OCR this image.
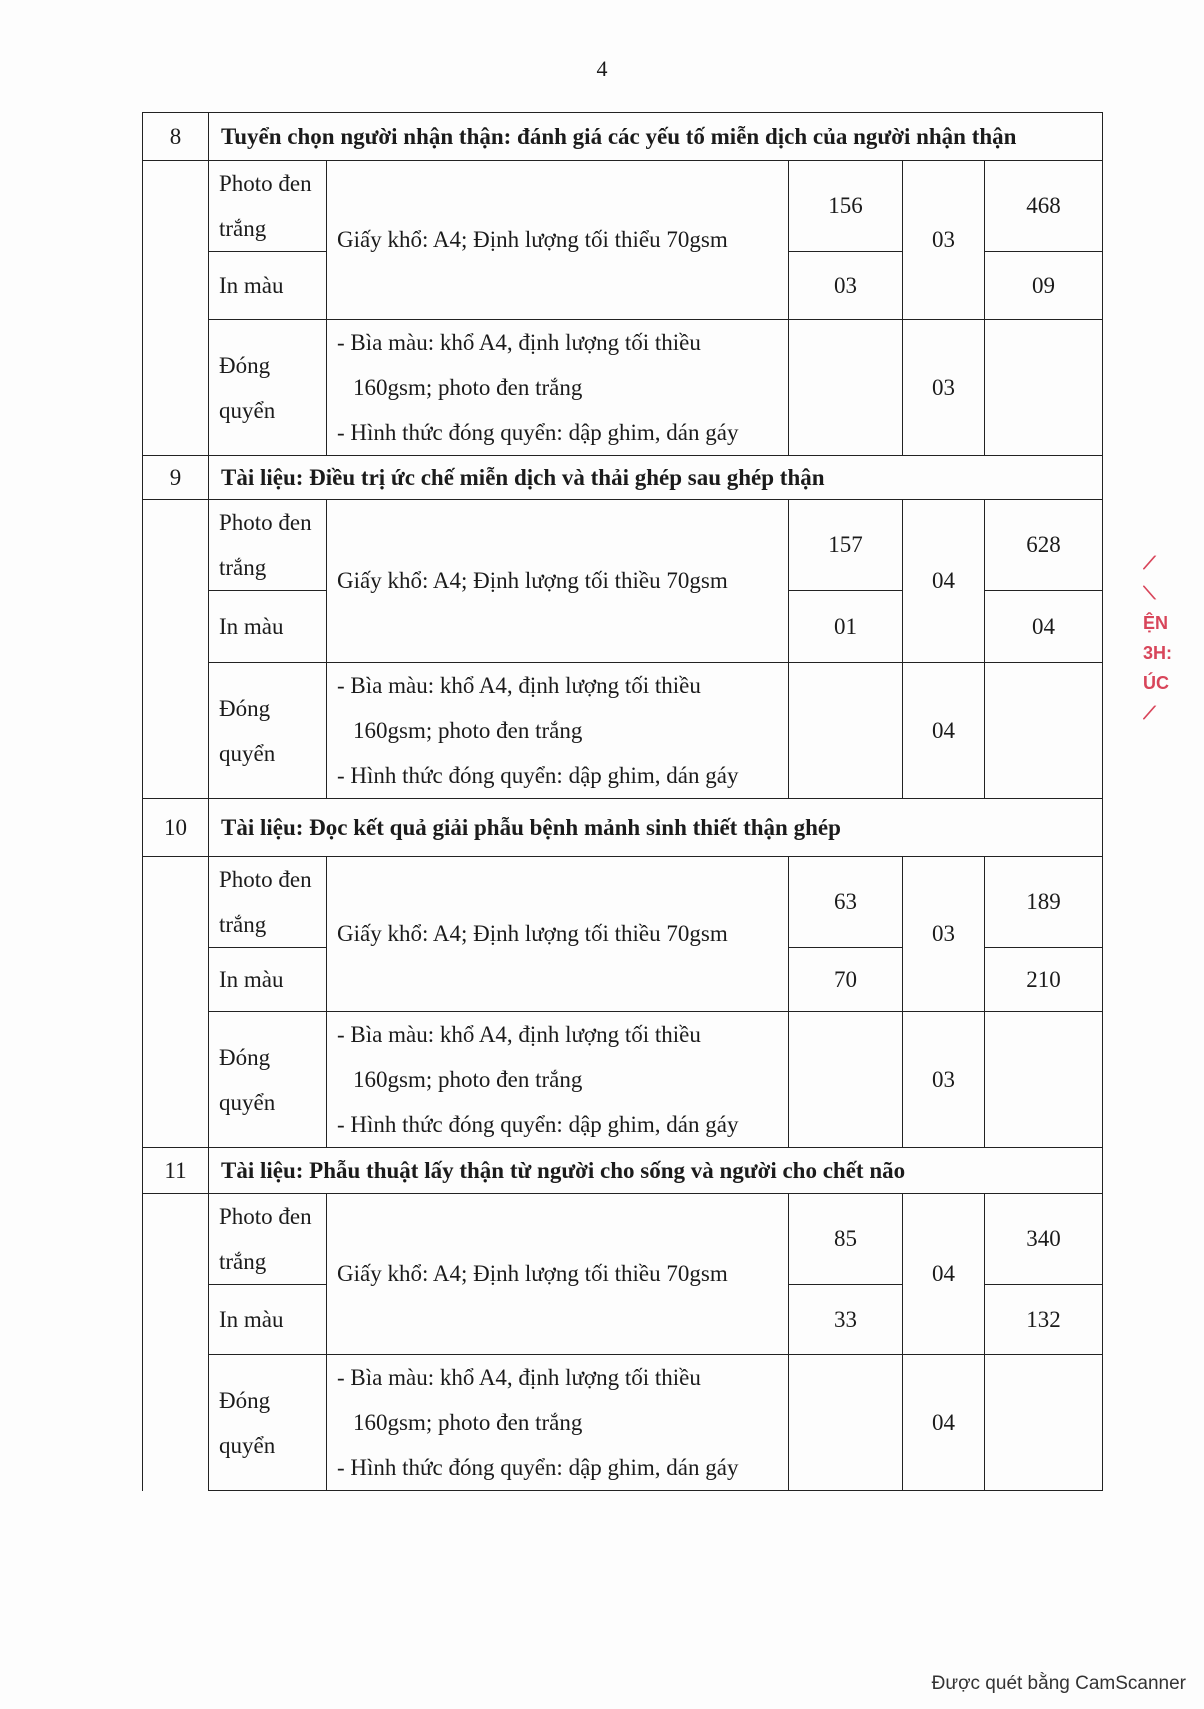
4
8	Tuyển chọn người nhận thận: đánh giá các yếu tố miễn dịch của người nhận thận				
	Photo đen trắng	Giấy khổ: A4; Định lượng tối thiểu 70gsm	156	03	468
	In màu		03		09
	Đóng quyển	- Bìa màu: khổ A4, định lượng tối thiều
160gsm; photo đen trắng
- Hình thức đóng quyển: dập ghim, dán gáy		03	
9	Tài liệu: Điều trị ức chế miễn dịch và thải ghép sau ghép thận				
	Photo đen trắng	Giấy khổ: A4; Định lượng tối thiều 70gsm	157	04	628
	In màu		01		04
	Đóng quyển	- Bìa màu: khổ A4, định lượng tối thiều
160gsm; photo đen trắng
- Hình thức đóng quyển: dập ghim, dán gáy		04	
10	Tài liệu: Đọc kết quả giải phẫu bệnh mảnh sinh thiết thận ghép				
	Photo đen trắng	Giấy khổ: A4; Định lượng tối thiều 70gsm	63	03	189
	In màu		70		210
	Đóng quyển	- Bìa màu: khổ A4, định lượng tối thiều
160gsm; photo đen trắng
- Hình thức đóng quyển: dập ghim, dán gáy		03	
11	Tài liệu: Phẫu thuật lấy thận từ người cho sống và người cho chết não				
	Photo đen trắng	Giấy khổ: A4; Định lượng tối thiều 70gsm	85	04	340
	In màu		33		132
	Đóng quyển	- Bìa màu: khổ A4, định lượng tối thiều
160gsm; photo đen trắng
- Hình thức đóng quyển: dập ghim, dán gáy		04	
⟋
⟍
ỆN
3H:
ÚC
⟋
Được quét bằng CamScanner
